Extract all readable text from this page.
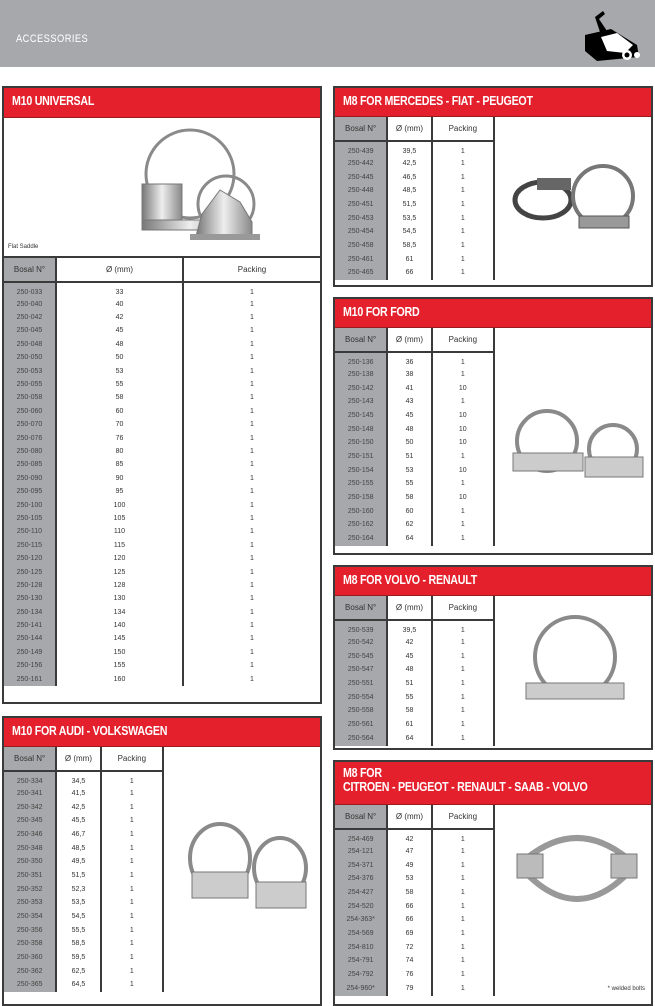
ACCESSORIES
M10 UNIVERSAL
Flat Saddle
Bosal N°	Ø (mm)	Packing
250-033	33	1
250-040	40	1
250-042	42	1
250-045	45	1
250-048	48	1
250-050	50	1
250-053	53	1
250-055	55	1
250-058	58	1
250-060	60	1
250-070	70	1
250-076	76	1
250-080	80	1
250-085	85	1
250-090	90	1
250-095	95	1
250-100	100	1
250-105	105	1
250-110	110	1
250-115	115	1
250-120	120	1
250-125	125	1
250-128	128	1
250-130	130	1
250-134	134	1
250-141	140	1
250-144	145	1
250-149	150	1
250-156	155	1
250-161	160	1
M10 FOR AUDI - VOLKSWAGEN
Bosal N°	Ø (mm)	Packing
250-334	34,5	1
250-341	41,5	1
250-342	42,5	1
250-345	45,5	1
250-346	46,7	1
250-348	48,5	1
250-350	49,5	1
250-351	51,5	1
250-352	52,3	1
250-353	53,5	1
250-354	54,5	1
250-356	55,5	1
250-358	58,5	1
250-360	59,5	1
250-362	62,5	1
250-365	64,5	1
M8 FOR MERCEDES - FIAT - PEUGEOT
Bosal N°	Ø (mm)	Packing
250-439	39,5	1
250-442	42,5	1
250-445	46,5	1
250-448	48,5	1
250-451	51,5	1
250-453	53,5	1
250-454	54,5	1
250-458	58,5	1
250-461	61	1
250-465	66	1
M10 FOR FORD
Bosal N°	Ø (mm)	Packing
250-136	36	1
250-138	38	1
250-142	41	10
250-143	43	1
250-145	45	10
250-148	48	10
250-150	50	10
250-151	51	1
250-154	53	10
250-155	55	1
250-158	58	10
250-160	60	1
250-162	62	1
250-164	64	1
M8 FOR VOLVO - RENAULT
Bosal N°	Ø (mm)	Packing
250-539	39,5	1
250-542	42	1
250-545	45	1
250-547	48	1
250-551	51	1
250-554	55	1
250-558	58	1
250-561	61	1
250-564	64	1
M8 FOR
CITROEN - PEUGEOT - RENAULT - SAAB - VOLVO
Bosal N°	Ø (mm)	Packing
254-469	42	1
254-121	47	1
254-371	49	1
254-376	53	1
254-427	58	1
254-520	66	1
254-363*	66	1
254-569	69	1
254-810	72	1
254-791	74	1
254-792	76	1
254-960*	79	1	* welded bolts
